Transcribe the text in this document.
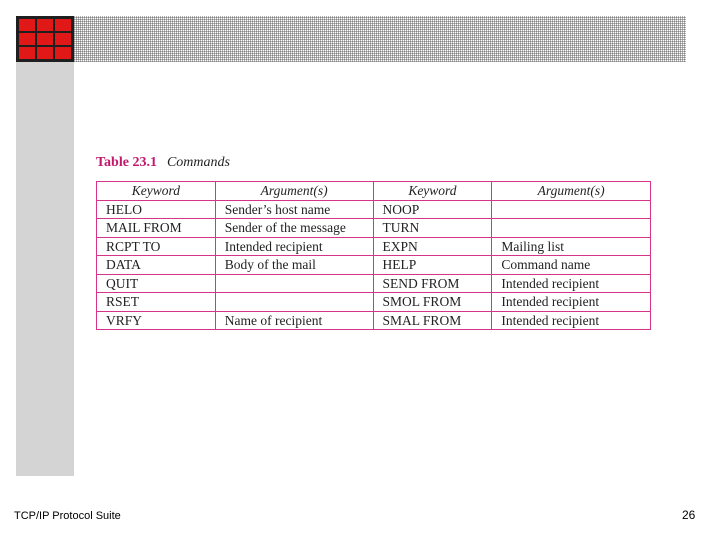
Table 23.1 Commands
Keyword	Argument(s)	Keyword	Argument(s)
HELO	Sender’s host name	NOOP	
MAIL FROM	Sender of the message	TURN	
RCPT TO	Intended recipient	EXPN	Mailing list
DATA	Body of the mail	HELP	Command name
QUIT		SEND FROM	Intended recipient
RSET		SMOL FROM	Intended recipient
VRFY	Name of recipient	SMAL FROM	Intended recipient
TCP/IP Protocol Suite	26
